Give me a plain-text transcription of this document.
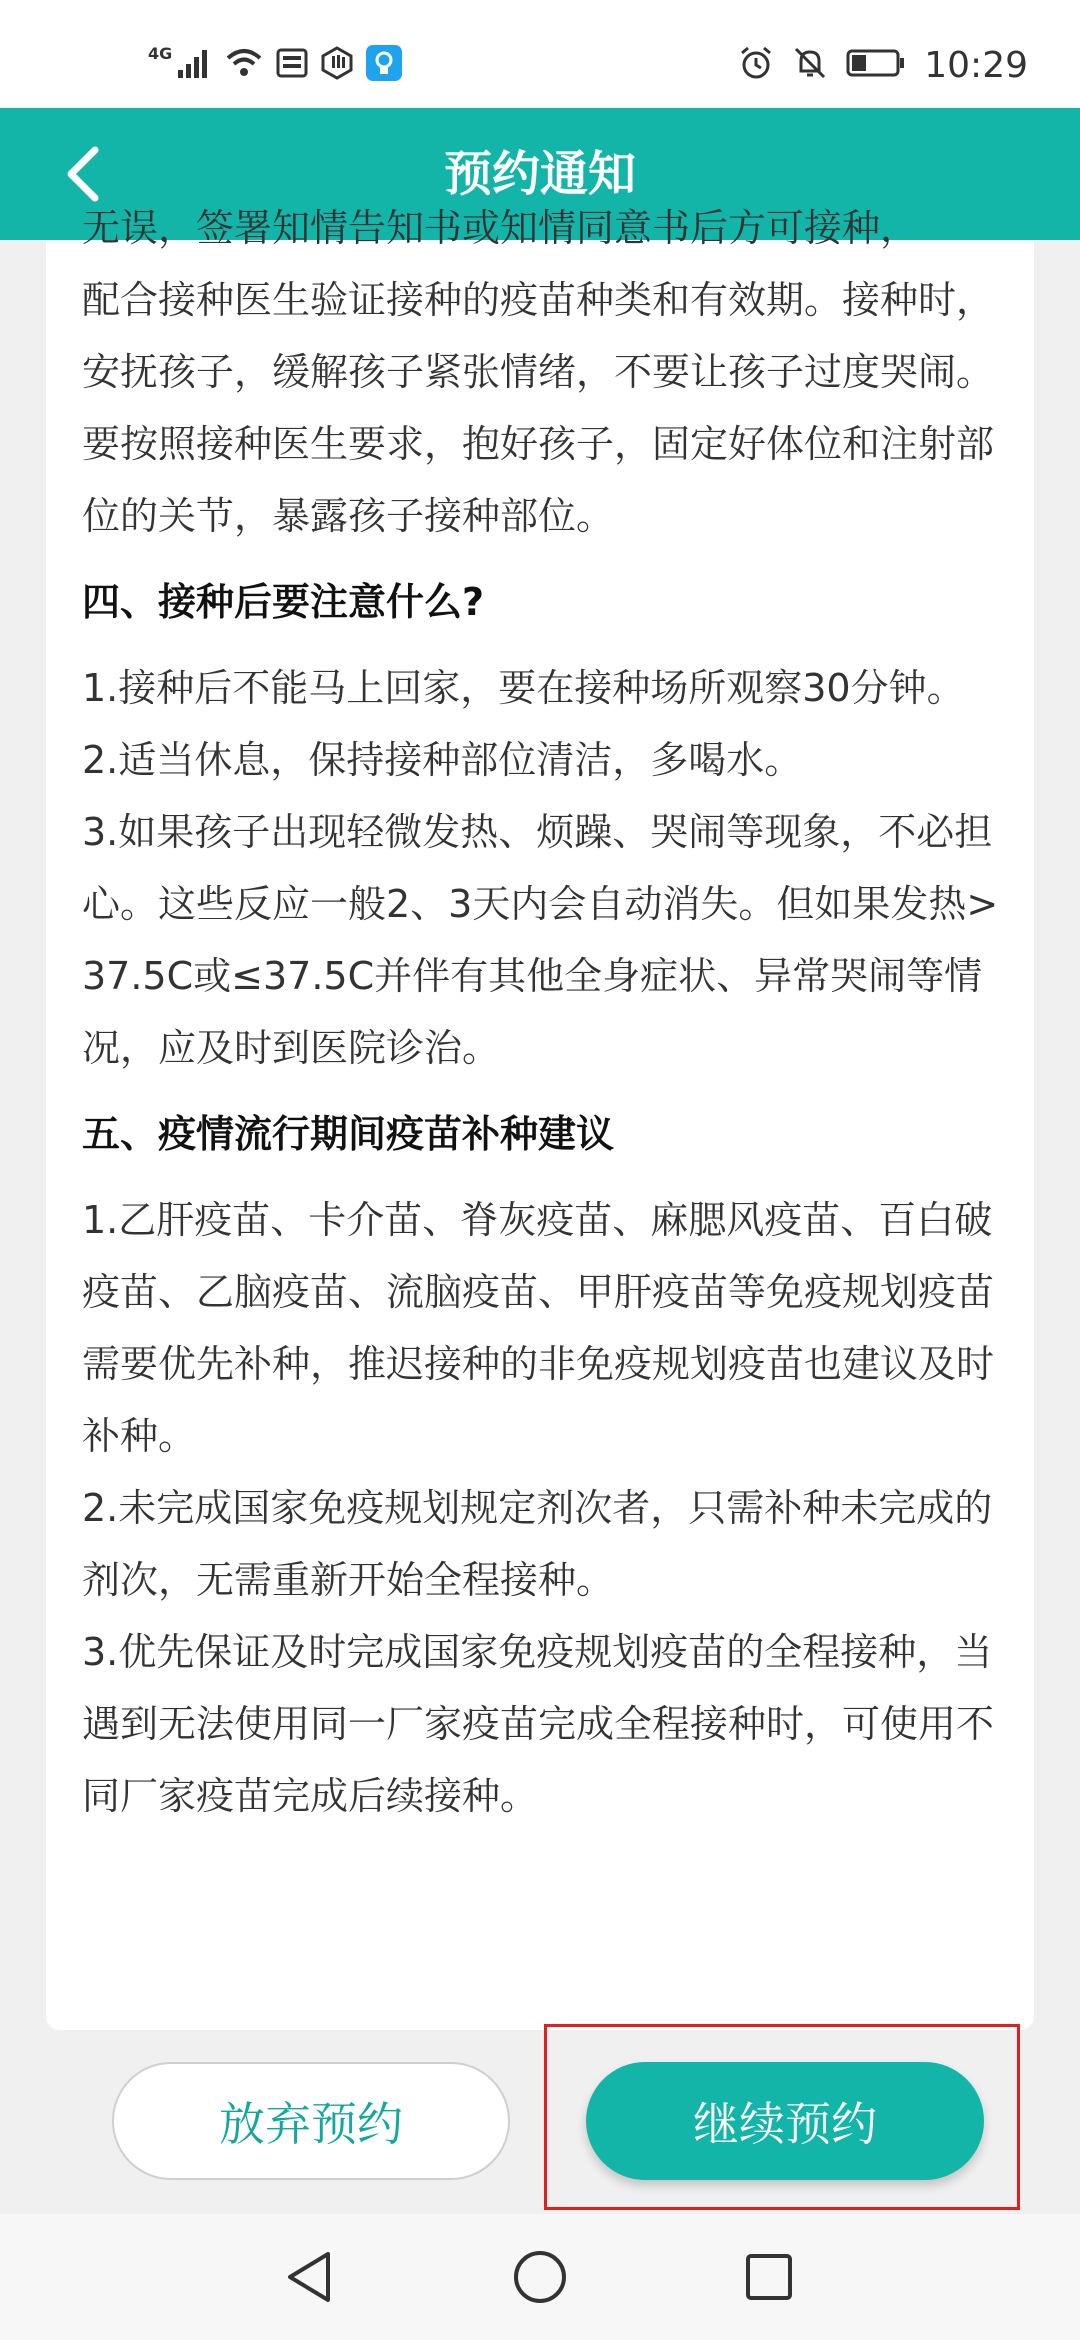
4G	10:29
预约通知

无误，签署知情告知书或知情同意书后方可接种，

配合接种医生验证接种的疫苗种类和有效期。接种时，安抚孩子，缓解孩子紧张情绪，不要让孩子过度哭闹。要按照接种医生要求，抱好孩子，固定好体位和注射部位的关节，暴露孩子接种部位。

四、接种后要注意什么?

1.接种后不能马上回家，要在接种场所观察30分钟。

2.适当休息，保持接种部位清洁，多喝水。

3.如果孩子出现轻微发热、烦躁、哭闹等现象，不必担心。这些反应一般2、3天内会自动消失。但如果发热> 37.5C或≤37.5C并伴有其他全身症状、异常哭闹等情况，应及时到医院诊治。

五、疫情流行期间疫苗补种建议

1.乙肝疫苗、卡介苗、脊灰疫苗、麻腮风疫苗、百白破疫苗、乙脑疫苗、流脑疫苗、甲肝疫苗等免疫规划疫苗需要优先补种，推迟接种的非免疫规划疫苗也建议及时补种。

2.未完成国家免疫规划规定剂次者，只需补种未完成的剂次，无需重新开始全程接种。

3.优先保证及时完成国家免疫规划疫苗的全程接种，当遇到无法使用同一厂家疫苗完成全程接种时，可使用不同厂家疫苗完成后续接种。

放弃预约	继续预约
